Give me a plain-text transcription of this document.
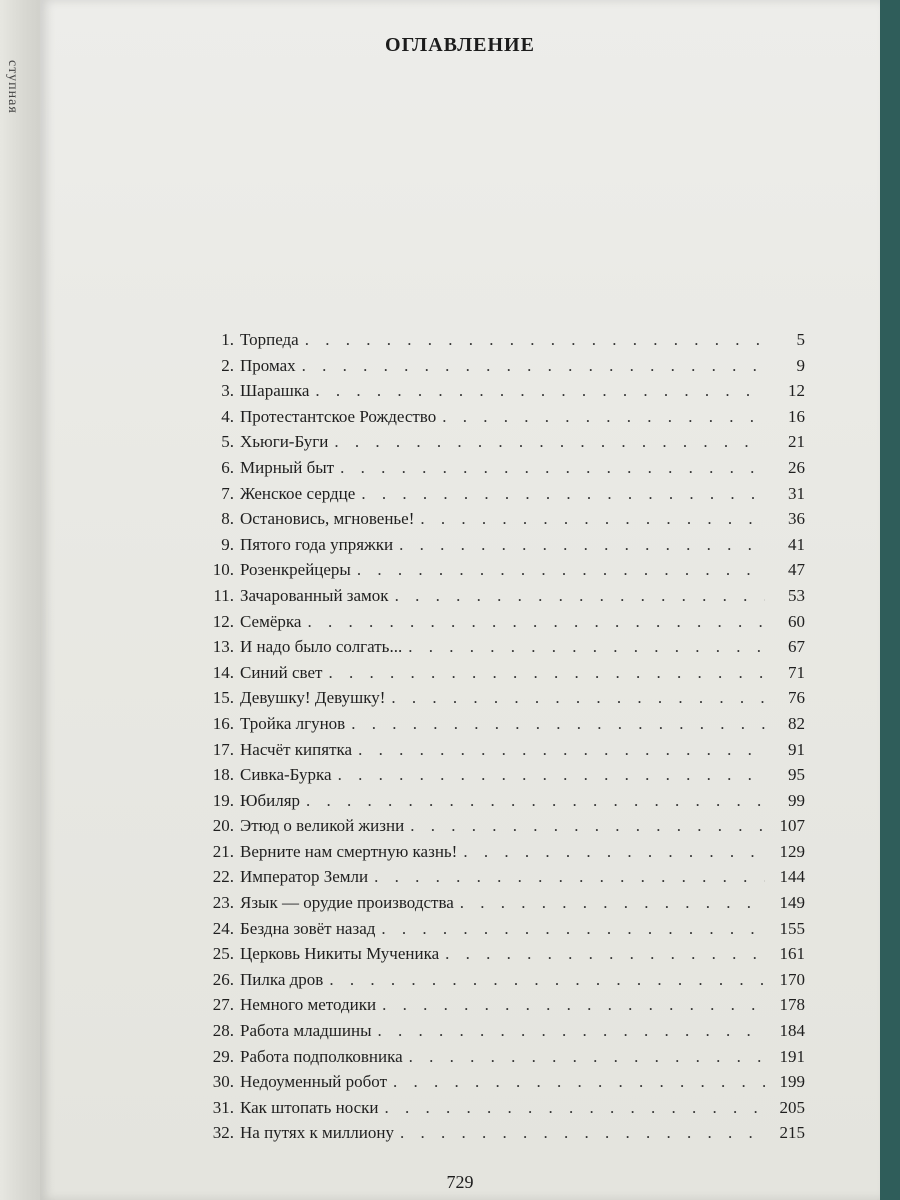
ступная
ОГЛАВЛЕНИЕ
1. Торпеда . . .	5
2. Промах . . .	9
3. Шарашка . . .	12
4. Протестантское Рождество . . .	16
5. Хьюги-Буги . . .	21
6. Мирный быт . . .	26
7. Женское сердце . . .	31
8. Остановись, мгновенье! . . .	36
9. Пятого года упряжки . . .	41
10. Розенкрейцеры . . .	47
11. Зачарованный замок . . .	53
12. Семёрка . . .	60
13. И надо было солгать... . . .	67
14. Синий свет . . .	71
15. Девушку! Девушку! . . .	76
16. Тройка лгунов . . .	82
17. Насчёт кипятка . . .	91
18. Сивка-Бурка . . .	95
19. Юбиляр . . .	99
20. Этюд о великой жизни . . .	107
21. Верните нам смертную казнь! . . .	129
22. Император Земли . . .	144
23. Язык — орудие производства . . .	149
24. Бездна зовёт назад . . .	155
25. Церковь Никиты Мученика . . .	161
26. Пилка дров . . .	170
27. Немного методики . . .	178
28. Работа младшины . . .	184
29. Работа подполковника . . .	191
30. Недоуменный робот . . .	199
31. Как штопать носки . . .	205
32. На путях к миллиону . . .	215
729
